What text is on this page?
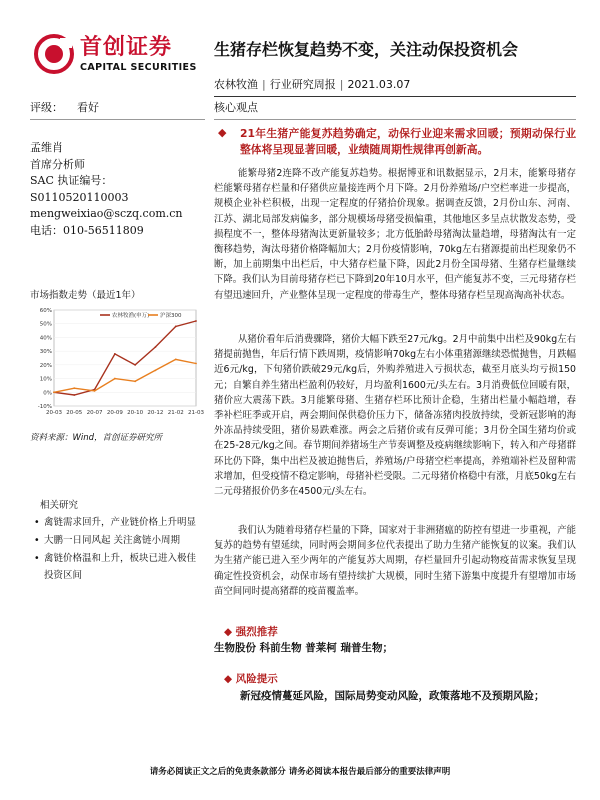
首创证券
CAPITAL SECURITIES
生猪存栏恢复趋势不变，关注动保投资机会
农林牧渔 | 行业研究周报 | 2021.03.07
评级： 看好	核心观点
孟维肖
首席分析师
SAC 执证编号：S0110520110003
mengweixiao@sczq.com.cn
电话：010-56511809
市场指数走势（最近1年）
-10%
0%
10%
20%
30%
40%
50%
60%
20-03 20-05 20-07 20-09 20-10 20-12 21-02 21-03
农林牧渔(申万) 沪深300
资料来源：Wind，首创证券研究所
相关研究
• 禽链需求回升，产业链价格上升明显
• 大鹏一日同风起 关注禽链小周期
• 禽链价格温和上升，板块已进入极佳投资区间
◆ 21年生猪产能复苏趋势确定，动保行业迎来需求回暖；预期动保行业整体将呈现显著回暖，业绩随周期性规律再创新高。
能繁母猪2连降不改产能复苏趋势。根据博亚和讯数据显示，2月末，能繁母猪存栏能繁母猪存栏量和仔猪供应量接连两个月下降。2月份养殖场/户空栏率进一步提高，规模企业补栏积极，出现一定程度的仔猪拾价现象。据调查反馈，2月份山东、河南、江苏、湖北局部发病偏多，部分规模场母猪受损偏重，其他地区多呈点状散发态势，受损程度不一，整体母猪淘汰更新量较多；北方低胎龄母猪淘汰量趋增，母猪淘汰有一定衡移趋势，淘汰母猪价格降幅加大；2月份疫情影响，70kg左右猪源提前出栏现象仍不断，加上前期集中出栏后，中大猪存栏量下降，因此2月份全国母猪、生猪存栏量继续下降。我们认为目前母猪存栏已下降到20年10月水平，但产能复苏不变，三元母猪存栏有望迅速回升，产业整体呈现一定程度的带毒生产，整体母猪存栏呈现高淘高补状态。
从猪价看年后消费骤降，猪价大幅下跌至27元/kg。2月中前集中出栏及90kg左右猪提前抛售，年后行情下跌周期，疫情影响70kg左右小体重猪源继续恐慌抛售，月跌幅近6元/kg，下旬猪价跌破29元/kg后，外购养殖进入亏损状态，截至月底头均亏损150元；自繁自养生猪出栏盈利仍较好，月均盈利1600元/头左右。3月消费低位回暖有限，猪价应大震荡下跌。3月能繁母猪、生猪存栏环比预计企稳，生猪出栏量小幅趋增，春季补栏旺季或开启，两会期间保供稳价压力下，储备冻猪肉投放持续，受新冠影响的海外冻品持续受阻，猪价易跌难涨。两会之后猪价或有反弹可能；3月份全国生猪均价或在25-28元/kg之间。春节期间养猪场生产节奏调整及疫病继续影响下，转入和产母猪群环比仍下降，集中出栏及被迫抛售后，养殖场/户母猪空栏率提高，养殖端补栏及留种需求增加，但受疫情不稳定影响，母猪补栏受限。二元母猪价格稳中有涨，月底50kg左右二元母猪报价仍多在4500元/头左右。
我们认为随着母猪存栏量的下降，国家对于非洲猪瘟的防控有望进一步重视，产能复苏的趋势有望延续，同时两会期间多位代表提出了助力生猪产能恢复的议案。我们认为生猪产能已进入至少两年的产能复苏大周期，存栏量回升引起动物疫苗需求恢复呈现确定性投资机会，动保市场有望持续扩大规模，同时生猪下游集中度提升有望增加市场苗空间同时提高猪群的疫苗覆盖率。
◆ 强烈推荐
生物股份 科前生物 普莱柯 瑞普生物；
◆ 风险提示
新冠疫情蔓延风险，国际局势变动风险，政策落地不及预期风险；
请务必阅读正文之后的免责条款部分 请务必阅读本报告最后部分的重要法律声明
